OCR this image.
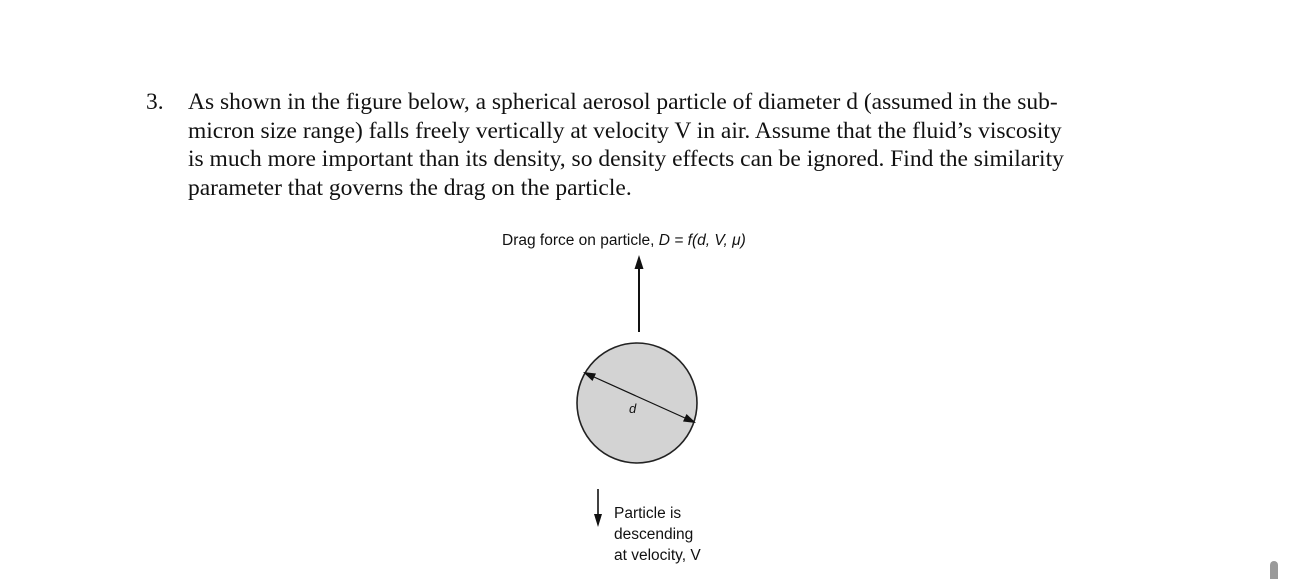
3. As shown in the figure below, a spherical aerosol particle of diameter d (assumed in the sub-
micron size range) falls freely vertically at velocity V in air. Assume that the fluid’s viscosity
is much more important than its density, so density effects can be ignored. Find the similarity
parameter that governs the drag on the particle.
Drag force on particle, D = f(d, V, μ)
d
Particle is
descending
at velocity, V
